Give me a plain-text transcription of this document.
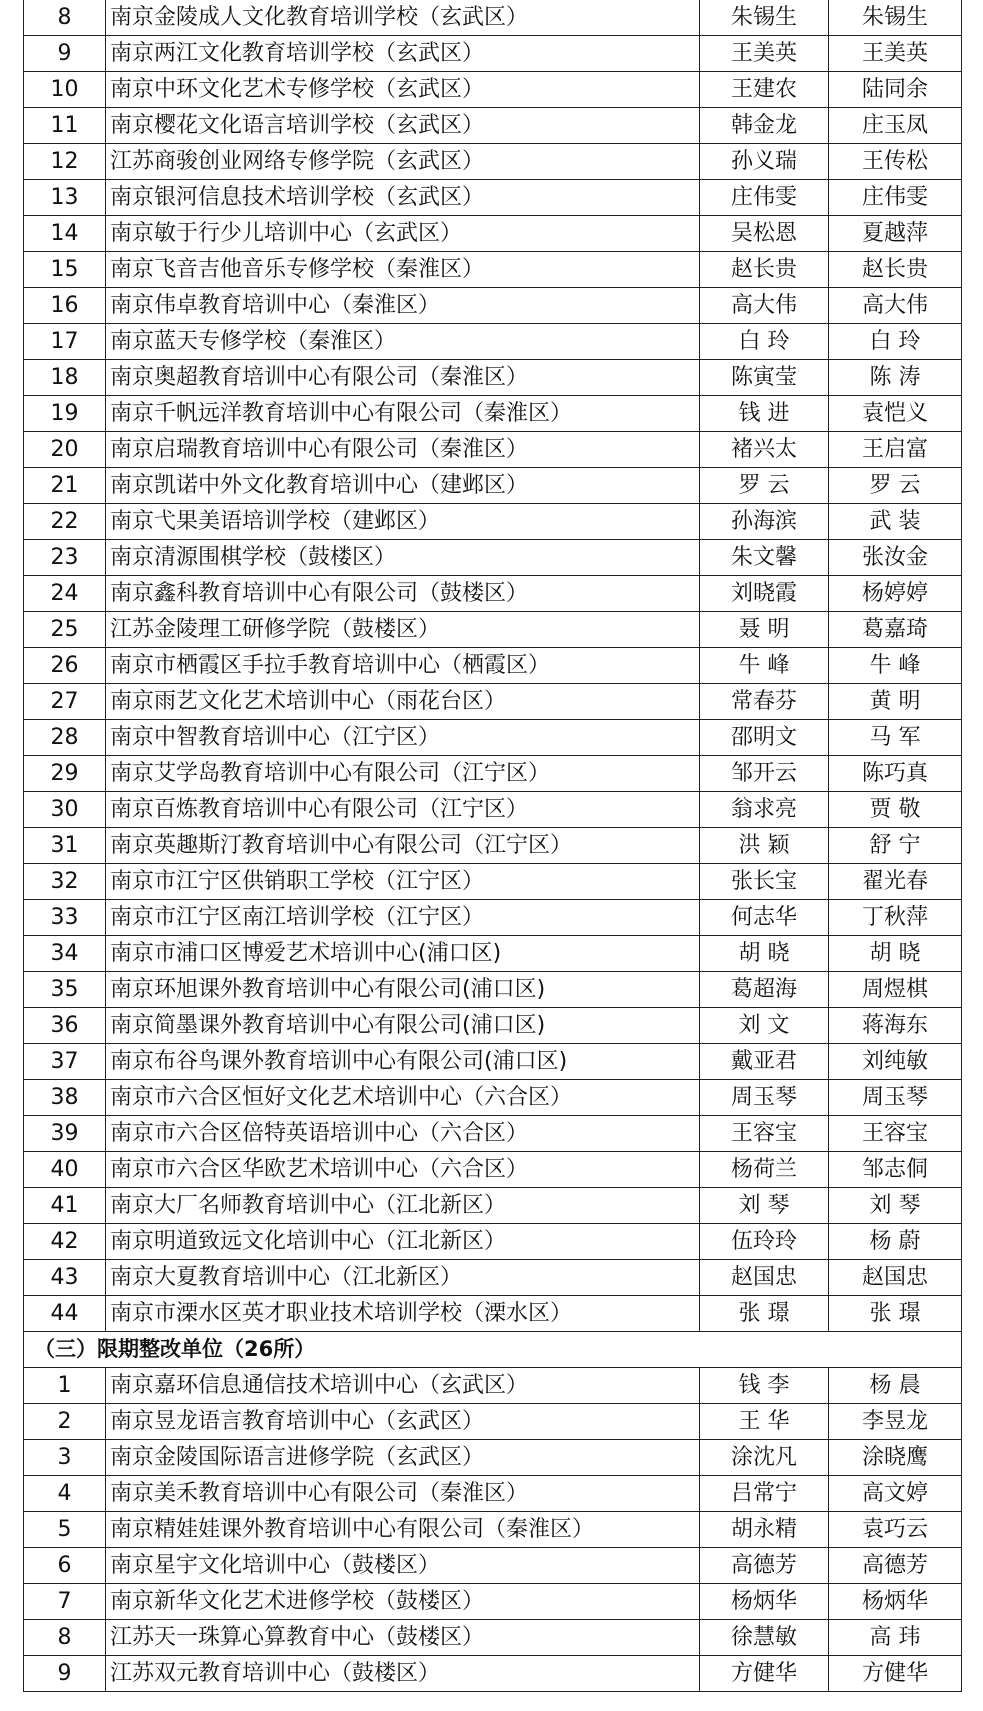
8	南京金陵成人文化教育培训学校（玄武区）	朱锡生	朱锡生
9	南京两江文化教育培训学校（玄武区）	王美英	王美英
10	南京中环文化艺术专修学校（玄武区）	王建农	陆同余
11	南京樱花文化语言培训学校（玄武区）	韩金龙	庄玉凤
12	江苏商骏创业网络专修学院（玄武区）	孙义瑞	王传松
13	南京银河信息技术培训学校（玄武区）	庄伟雯	庄伟雯
14	南京敏于行少儿培训中心（玄武区）	吴松恩	夏越萍
15	南京飞音吉他音乐专修学校（秦淮区）	赵长贵	赵长贵
16	南京伟卓教育培训中心（秦淮区）	高大伟	高大伟
17	南京蓝天专修学校（秦淮区）	白 玲	白 玲
18	南京奥超教育培训中心有限公司（秦淮区）	陈寅莹	陈 涛
19	南京千帆远洋教育培训中心有限公司（秦淮区）	钱 进	袁恺义
20	南京启瑞教育培训中心有限公司（秦淮区）	褚兴太	王启富
21	南京凯诺中外文化教育培训中心（建邺区）	罗 云	罗 云
22	南京弋果美语培训学校（建邺区）	孙海滨	武 装
23	南京清源围棋学校（鼓楼区）	朱文馨	张汝金
24	南京鑫科教育培训中心有限公司（鼓楼区）	刘晓霞	杨婷婷
25	江苏金陵理工研修学院（鼓楼区）	聂 明	葛嘉琦
26	南京市栖霞区手拉手教育培训中心（栖霞区）	牛 峰	牛 峰
27	南京雨艺文化艺术培训中心（雨花台区）	常春芬	黄 明
28	南京中智教育培训中心（江宁区）	邵明文	马 军
29	南京艾学岛教育培训中心有限公司（江宁区）	邹开云	陈巧真
30	南京百炼教育培训中心有限公司（江宁区）	翁求亮	贾 敬
31	南京英趣斯汀教育培训中心有限公司（江宁区）	洪 颖	舒 宁
32	南京市江宁区供销职工学校（江宁区）	张长宝	翟光春
33	南京市江宁区南江培训学校（江宁区）	何志华	丁秋萍
34	南京市浦口区博爱艺术培训中心(浦口区)	胡 晓	胡 晓
35	南京环旭课外教育培训中心有限公司(浦口区)	葛超海	周煜棋
36	南京简墨课外教育培训中心有限公司(浦口区)	刘 文	蒋海东
37	南京布谷鸟课外教育培训中心有限公司(浦口区)	戴亚君	刘纯敏
38	南京市六合区恒好文化艺术培训中心（六合区）	周玉琴	周玉琴
39	南京市六合区倍特英语培训中心（六合区）	王容宝	王容宝
40	南京市六合区华欧艺术培训中心（六合区）	杨荷兰	邹志侗
41	南京大厂名师教育培训中心（江北新区）	刘 琴	刘 琴
42	南京明道致远文化培训中心（江北新区）	伍玲玲	杨 蔚
43	南京大夏教育培训中心（江北新区）	赵国忠	赵国忠
44	南京市溧水区英才职业技术培训学校（溧水区）	张 璟	张 璟
（三）限期整改单位（26所）
1	南京嘉环信息通信技术培训中心（玄武区）	钱 李	杨 晨
2	南京昱龙语言教育培训中心（玄武区）	王 华	李昱龙
3	南京金陵国际语言进修学院（玄武区）	涂沈凡	涂晓鹰
4	南京美禾教育培训中心有限公司（秦淮区）	吕常宁	高文婷
5	南京精娃娃课外教育培训中心有限公司（秦淮区）	胡永精	袁巧云
6	南京星宇文化培训中心（鼓楼区）	高德芳	高德芳
7	南京新华文化艺术进修学校（鼓楼区）	杨炳华	杨炳华
8	江苏天一珠算心算教育中心（鼓楼区）	徐慧敏	高 玮
9	江苏双元教育培训中心（鼓楼区）	方健华	方健华
